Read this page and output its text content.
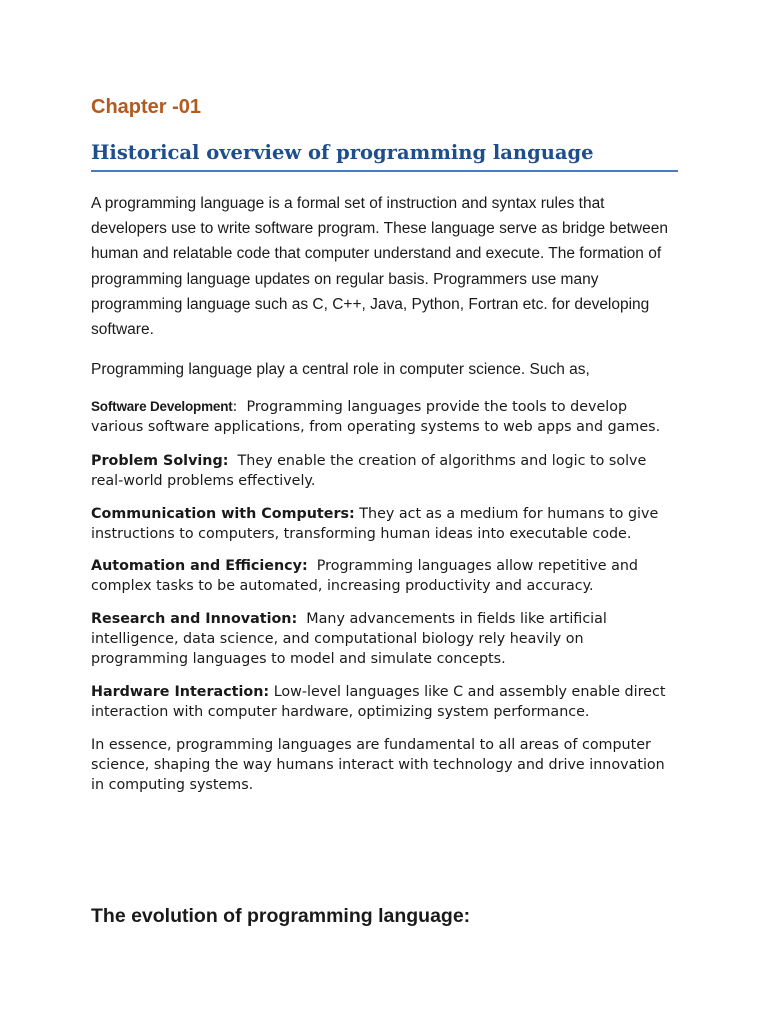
Chapter -01
Historical overview of programming language

A programming language is a formal set of instruction and syntax rules that developers use to write software program. These language serve as bridge between human and relatable code that computer understand and execute. The formation of programming language updates on regular basis. Programmers use many programming language such as C, C++, Java, Python, Fortran etc. for developing software.

Programming language play a central role in computer science. Such as,

Software Development: Programming languages provide the tools to develop various software applications, from operating systems to web apps and games.

Problem Solving: They enable the creation of algorithms and logic to solve real-world problems effectively.

Communication with Computers: They act as a medium for humans to give instructions to computers, transforming human ideas into executable code.

Automation and Efficiency: Programming languages allow repetitive and complex tasks to be automated, increasing productivity and accuracy.

Research and Innovation: Many advancements in fields like artificial intelligence, data science, and computational biology rely heavily on programming languages to model and simulate concepts.

Hardware Interaction: Low-level languages like C and assembly enable direct interaction with computer hardware, optimizing system performance.

In essence, programming languages are fundamental to all areas of computer science, shaping the way humans interact with technology and drive innovation in computing systems.

The evolution of programming language:
